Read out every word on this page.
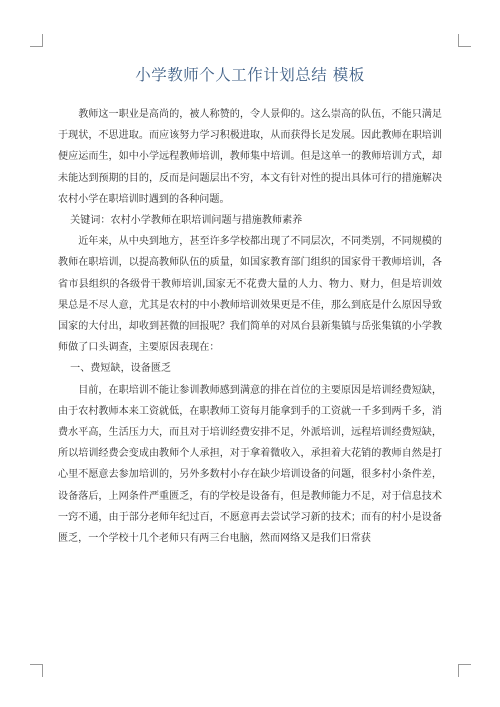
小学教师个人工作计划总结 模板

教师这一职业是高尚的，被人称赞的，令人景仰的。这么崇高的队伍，不能只满足于现状，不思进取。而应该努力学习积极进取，从而获得长足发展。因此教师在职培训便应运而生，如中小学远程教师培训，教师集中培训。但是这单一的教师培训方式，却未能达到预期的目的，反而是问题层出不穷，本文有针对性的提出具体可行的措施解决农村小学在职培训时遇到的各种问题。

关键词：农村小学教师在职培训问题与措施教师素养

近年来，从中央到地方，甚至许多学校都出现了不同层次，不同类别，不同规模的教师在职培训，以提高教师队伍的质量，如国家教育部门组织的国家骨干教师培训，各省市县组织的各级骨干教师培训,国家无不花费大量的人力、物力、财力，但是培训效果总是不尽人意，尤其是农村的中小教师培训效果更是不佳，那么到底是什么原因导致国家的大付出，却收到甚微的回报呢？我们简单的对凤台县新集镇与岳张集镇的小学教师做了口头调查，主要原因表现在：

一、费短缺，设备匮乏

目前，在职培训不能让参训教师感到满意的排在首位的主要原因是培训经费短缺，由于农村教师本来工资就低，在职教师工资每月能拿到手的工资就一千多到两千多，消费水平高，生活压力大，而且对于培训经费安排不足，外派培训，远程培训经费短缺，所以培训经费会变成由教师个人承担，对于拿着微收入，承担着大花销的教师自然是打心里不愿意去参加培训的，另外多数村小存在缺少培训设备的问题，很多村小条件差，设备落后，上网条件严重匮乏，有的学校是设备有，但是教师能力不足，对于信息技术一窍不通，由于部分老师年纪过百，不愿意再去尝试学习新的技术；而有的村小是设备匮乏，一个学校十几个老师只有两三台电脑，然而网络又是我们日常获
